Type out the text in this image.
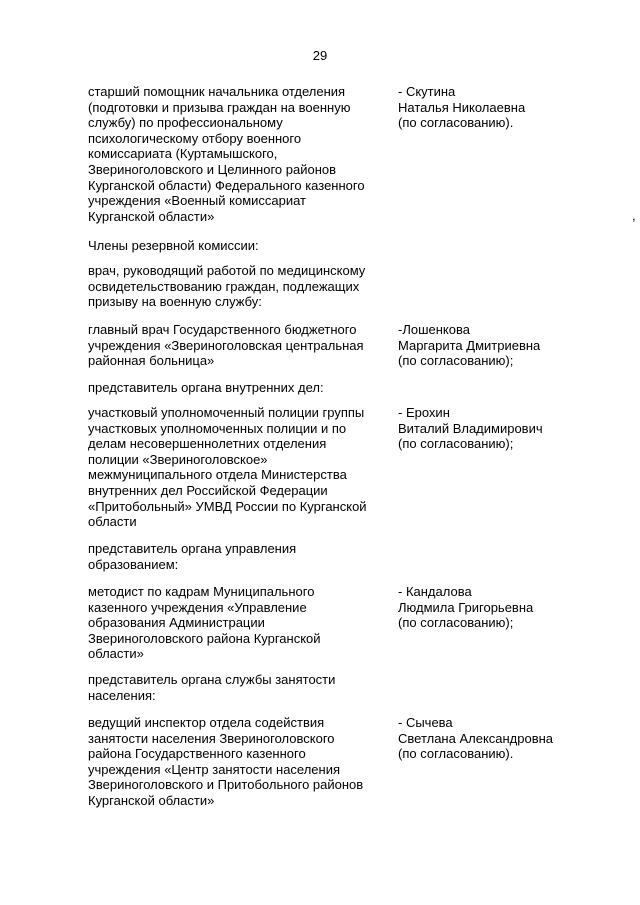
29
,
старший помощник начальника отделения
(подготовки и призыва граждан на военную
службу) по профессиональному
психологическому отбору военного
комиссариата (Куртамышского,
Звериноголовского и Целинного районов
Курганской области) Федерального казенного
учреждения «Военный комиссариат
Курганской области»
- Скутина
Наталья Николаевна
(по согласованию).
Члены резервной комиссии:
врач, руководящий работой по медицинскому
освидетельствованию граждан, подлежащих
призыву на военную службу:
главный врач Государственного бюджетного
учреждения «Звериноголовская центральная
районная больница»
-Лошенкова
Маргарита Дмитриевна
(по согласованию);
представитель органа внутренних дел:
участковый уполномоченный полиции группы
участковых уполномоченных полиции и по
делам несовершеннолетних отделения
полиции «Звериноголовское»
межмуниципального отдела Министерства
внутренних дел Российской Федерации
«Притобольный» УМВД России по Курганской
области
- Ерохин
Виталий Владимирович
(по согласованию);
представитель органа управления
образованием:
методист по кадрам Муниципального
казенного учреждения «Управление
образования Администрации
Звериноголовского района Курганской
области»
- Кандалова
Людмила Григорьевна
(по согласованию);
представитель органа службы занятости
населения:
ведущий инспектор отдела содействия
занятости населения Звериноголовского
района Государственного казенного
учреждения «Центр занятости населения
Звериноголовского и Притобольного районов
Курганской области»
- Сычева
Светлана Александровна
(по согласованию).
